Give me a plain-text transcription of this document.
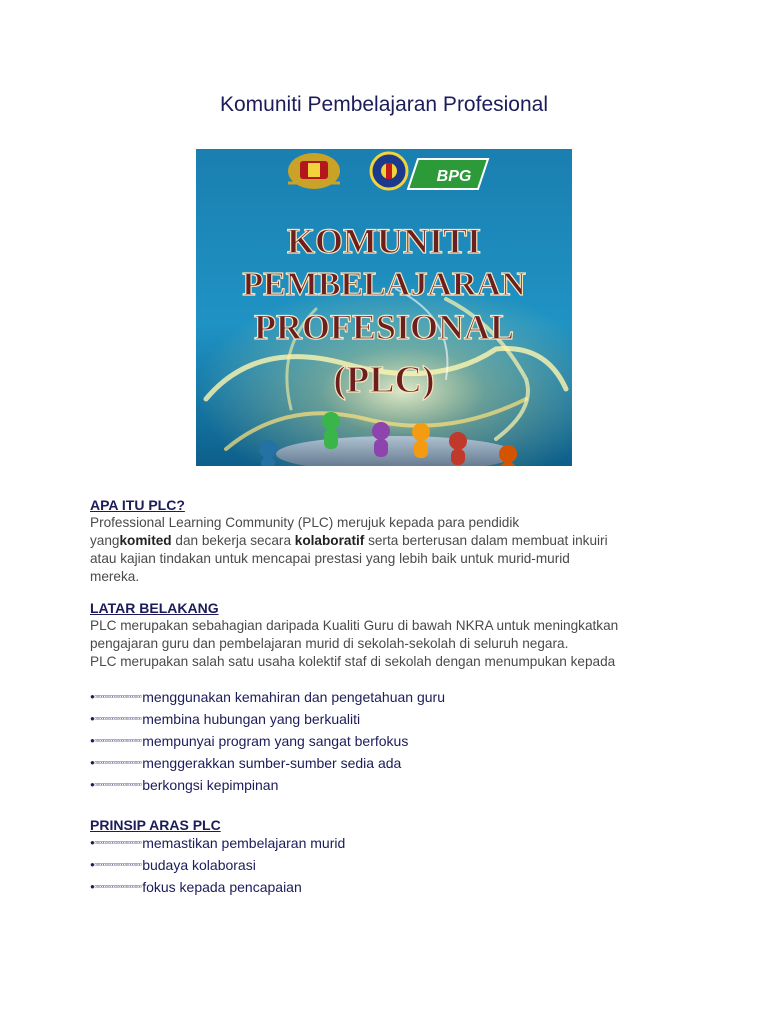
Komuniti Pembelajaran Profesional
BPG
KOMUNITI
PEMBELAJARAN
PROFESIONAL
(PLC)
APA ITU PLC?
Professional Learning Community (PLC) merujuk kepada para pendidik
yangkomited dan bekerja secara kolaboratif serta berterusan dalam membuat inkuiri
atau kajian tindakan untuk mencapai prestasi yang lebih baik untuk murid-murid
mereka.
LATAR BELAKANG
PLC merupakan sebahagian daripada Kualiti Guru di bawah NKRA untuk meningkatkan
pengajaran guru dan pembelajaran murid di sekolah-sekolah di seluruh negara.
PLC merupakan salah satu usaha kolektif staf di sekolah dengan menumpukan kepada
●▫▫▫▫▫▫▫▫▫▫▫▫▫▫▫▫▫▫▫▫▫menggunakan kemahiran dan pengetahuan guru
●▫▫▫▫▫▫▫▫▫▫▫▫▫▫▫▫▫▫▫▫▫membina hubungan yang berkualiti
●▫▫▫▫▫▫▫▫▫▫▫▫▫▫▫▫▫▫▫▫▫mempunyai program yang sangat berfokus
●▫▫▫▫▫▫▫▫▫▫▫▫▫▫▫▫▫▫▫▫▫menggerakkan sumber-sumber sedia ada
●▫▫▫▫▫▫▫▫▫▫▫▫▫▫▫▫▫▫▫▫▫berkongsi kepimpinan
PRINSIP ARAS PLC
●▫▫▫▫▫▫▫▫▫▫▫▫▫▫▫▫▫▫▫▫▫memastikan pembelajaran murid
●▫▫▫▫▫▫▫▫▫▫▫▫▫▫▫▫▫▫▫▫▫budaya kolaborasi
●▫▫▫▫▫▫▫▫▫▫▫▫▫▫▫▫▫▫▫▫▫fokus kepada pencapaian
